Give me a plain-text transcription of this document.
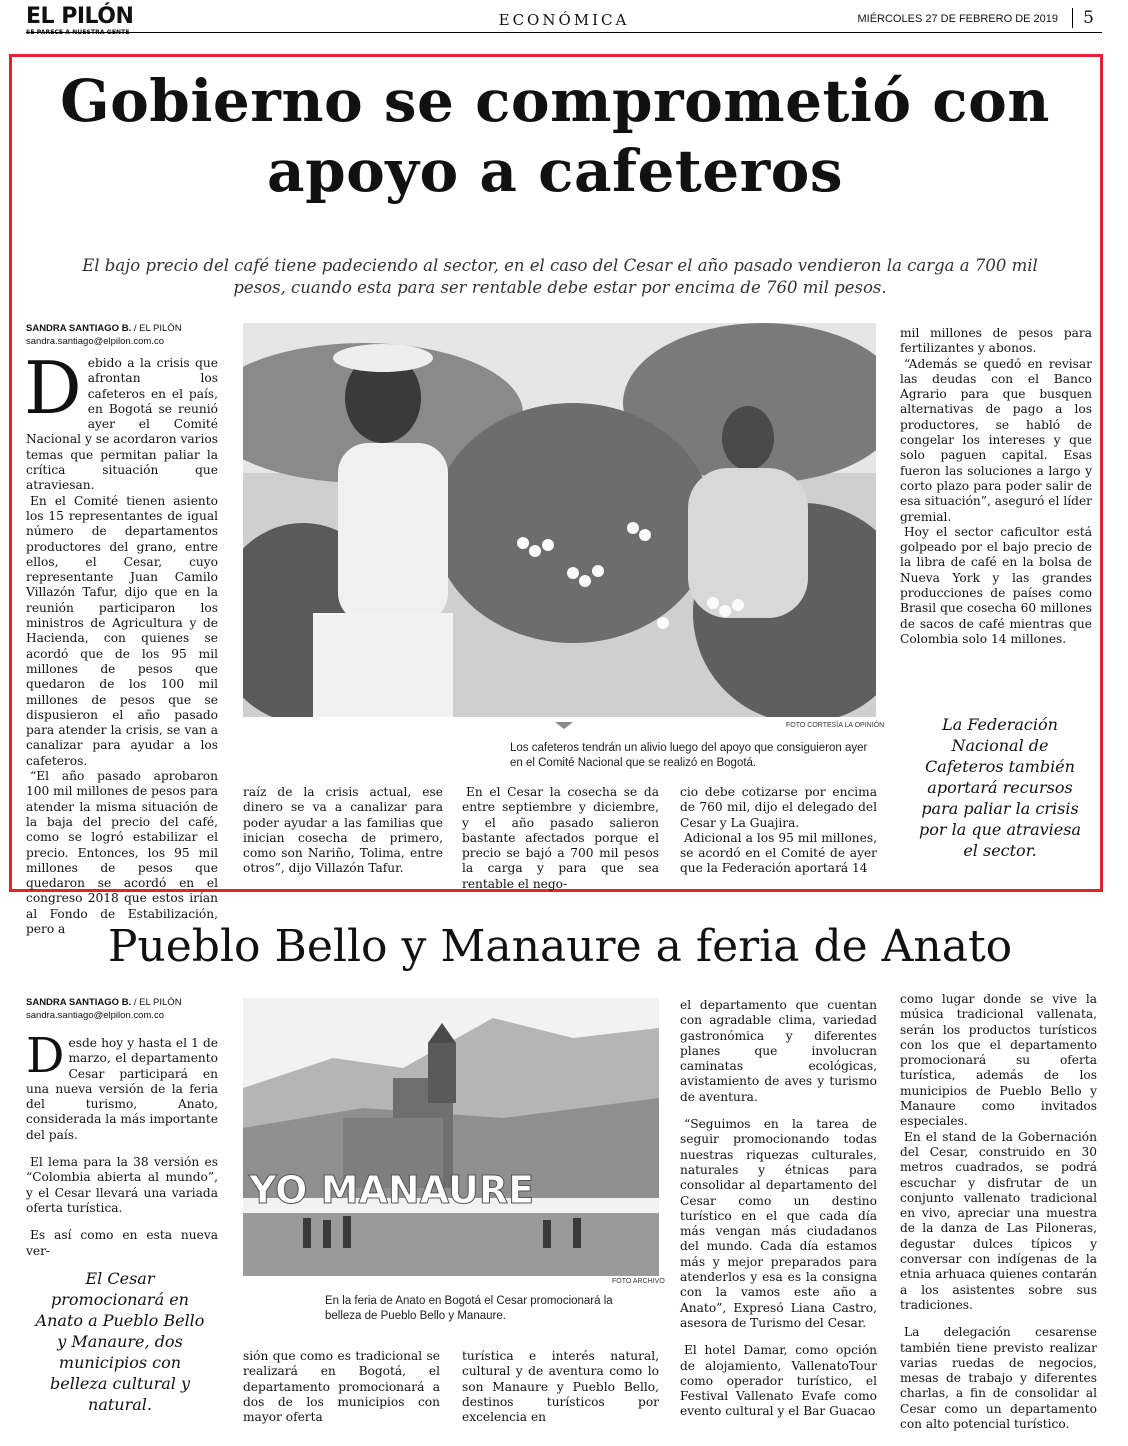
EL PILÓN	ECONÓMICA	MIÉRCOLES 27 DE FEBRERO DE 2019	5
Gobierno se comprometió con apoyo a cafeteros
El bajo precio del café tiene padeciendo al sector, en el caso del Cesar el año pasado vendieron la carga a 700 mil pesos, cuando esta para ser rentable debe estar por encima de 760 mil pesos.
SANDRA SANTIAGO B. / EL PILÓN
sandra.santiago@elpilon.com.co

Debido a la crisis que afrontan los cafeteros en el país, en Bogotá se reunió ayer el Comité Nacional y se acordaron varios temas que permitan paliar la crítica situación que atraviesan.

En el Comité tienen asiento los 15 representantes de igual número de departamentos productores del grano, entre ellos, el Cesar, cuyo representante Juan Camilo Villazón Tafur, dijo que en la reunión participaron los ministros de Agricultura y de Hacienda, con quienes se acordó que de los 95 mil millones de pesos que quedaron de los 100 mil millones de pesos que se dispusieron el año pasado para atender la crisis, se van a canalizar para ayudar a los cafeteros.

“El año pasado aprobaron 100 mil millones de pesos para atender la misma situación de la baja del precio del café, como se logró estabilizar el precio. Entonces, los 95 mil millones de pesos que quedaron se acordó en el congreso 2018 que estos irían al Fondo de Estabilización, pero a

FOTO CORTESÍA LA OPINIÓN
Los cafeteros tendrán un alivio luego del apoyo que consiguieron ayer en el Comité Nacional que se realizó en Bogotá.

raíz de la crisis actual, ese dinero se va a canalizar para poder ayudar a las familias que inician cosecha de primero, como son Nariño, Tolima, entre otros”, dijo Villazón Tafur.

En el Cesar la cosecha se da entre septiembre y diciembre, y el año pasado salieron bastante afectados porque el precio se bajó a 700 mil pesos la carga y para que sea rentable el nego-

cio debe cotizarse por encima de 760 mil, dijo el delegado del Cesar y La Guajira.

Adicional a los 95 mil millones, se acordó en el Comité de ayer que la Federación aportará 14

mil millones de pesos para fertilizantes y abonos.

“Además se quedó en revisar las deudas con el Banco Agrario para que busquen alternativas de pago a los productores, se habló de congelar los intereses y que solo paguen capital. Esas fueron las soluciones a largo y corto plazo para poder salir de esa situación”, aseguró el líder gremial.

Hoy el sector caficultor está golpeado por el bajo precio de la libra de café en la bolsa de Nueva York y las grandes producciones de países como Brasil que cosecha 60 millones de sacos de café mientras que Colombia solo 14 millones.

La Federación Nacional de Cafeteros también aportará recursos para paliar la crisis por la que atraviesa el sector.
Pueblo Bello y Manaure a feria de Anato
SANDRA SANTIAGO B. / EL PILÓN
sandra.santiago@elpilon.com.co

Desde hoy y hasta el 1 de marzo, el departamento Cesar participará en una nueva versión de la feria del turismo, Anato, considerada la más importante del país.

El lema para la 38 versión es “Colombia abierta al mundo”, y el Cesar llevará una variada oferta turística.

Es así como en esta nueva ver-

El Cesar promocionará en Anato a Pueblo Bello y Manaure, dos municipios con belleza cultural y natural.
YO MANAURE
FOTO ARCHIVO
En la feria de Anato en Bogotá el Cesar promocionará la belleza de Pueblo Bello y Manaure.

sión que como es tradicional se realizará en Bogotá, el departamento promocionará a dos de los municipios con mayor oferta

turística e interés natural, cultural y de aventura como lo son Manaure y Pueblo Bello, destinos turísticos por excelencia en

el departamento que cuentan con agradable clima, variedad gastronómica y diferentes planes que involucran caminatas ecológicas, avistamiento de aves y turismo de aventura.

“Seguimos en la tarea de seguir promocionando todas nuestras riquezas culturales, naturales y étnicas para consolidar al departamento del Cesar como un destino turístico en el que cada día más vengan más ciudadanos del mundo. Cada día estamos más y mejor preparados para atenderlos y esa es la consigna con la vamos este año a Anato”, Expresó Liana Castro, asesora de Turismo del Cesar.

El hotel Damar, como opción de alojamiento, VallenatoTour como operador turístico, el Festival Vallenato Evafe como evento cultural y el Bar Guacao

como lugar donde se vive la música tradicional vallenata, serán los productos turísticos con los que el departamento promocionará su oferta turística, además de los municipios de Pueblo Bello y Manaure como invitados especiales.

En el stand de la Gobernación del Cesar, construido en 30 metros cuadrados, se podrá escuchar y disfrutar de un conjunto vallenato tradicional en vivo, apreciar una muestra de la danza de Las Piloneras, degustar dulces típicos y conversar con indígenas de la etnia arhuaca quienes contarán a los asistentes sobre sus tradiciones.

La delegación cesarense también tiene previsto realizar varias ruedas de negocios, mesas de trabajo y diferentes charlas, a fin de consolidar al Cesar como un departamento con alto potencial turístico.
